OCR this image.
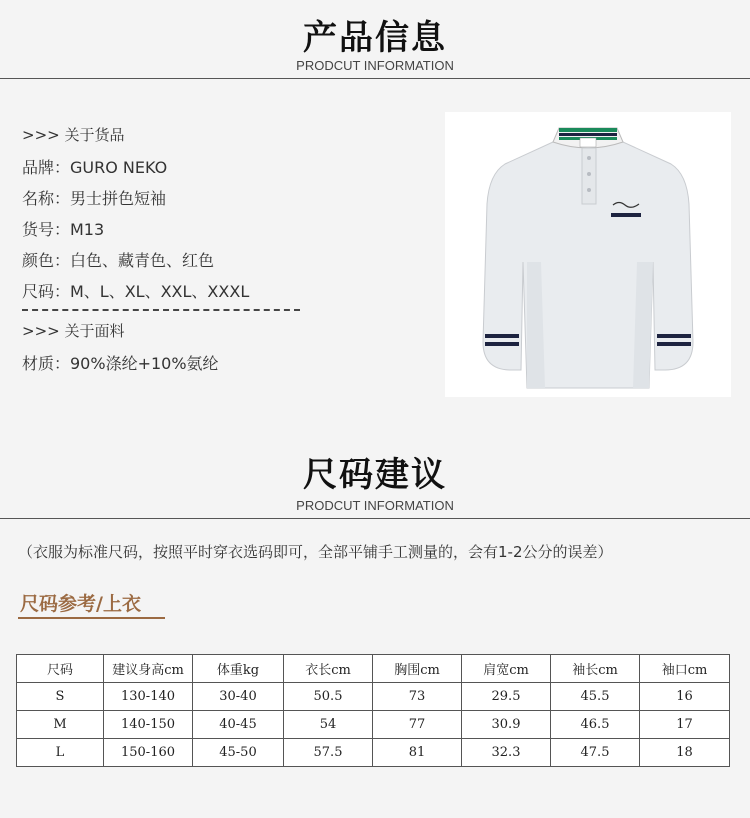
产品信息
PRODCUT INFORMATION
>>> 关于货品
品牌：GURO NEKO
名称：男士拼色短袖
货号：M13
颜色：白色、藏青色、红色
尺码：M、L、XL、XXL、XXXL
>>> 关于面料
材质：90%涤纶+10%氨纶
尺码建议
PRODCUT INFORMATION
（衣服为标准尺码，按照平时穿衣选码即可，全部平铺手工测量的，会有1-2公分的误差）
尺码参考/上衣
尺码	建议身高cm	体重kg	衣长cm	胸围cm	肩宽cm	袖长cm	袖口cm
S	130-140	30-40	50.5	73	29.5	45.5	16
M	140-150	40-45	54	77	30.9	46.5	17
L	150-160	45-50	57.5	81	32.3	47.5	18
